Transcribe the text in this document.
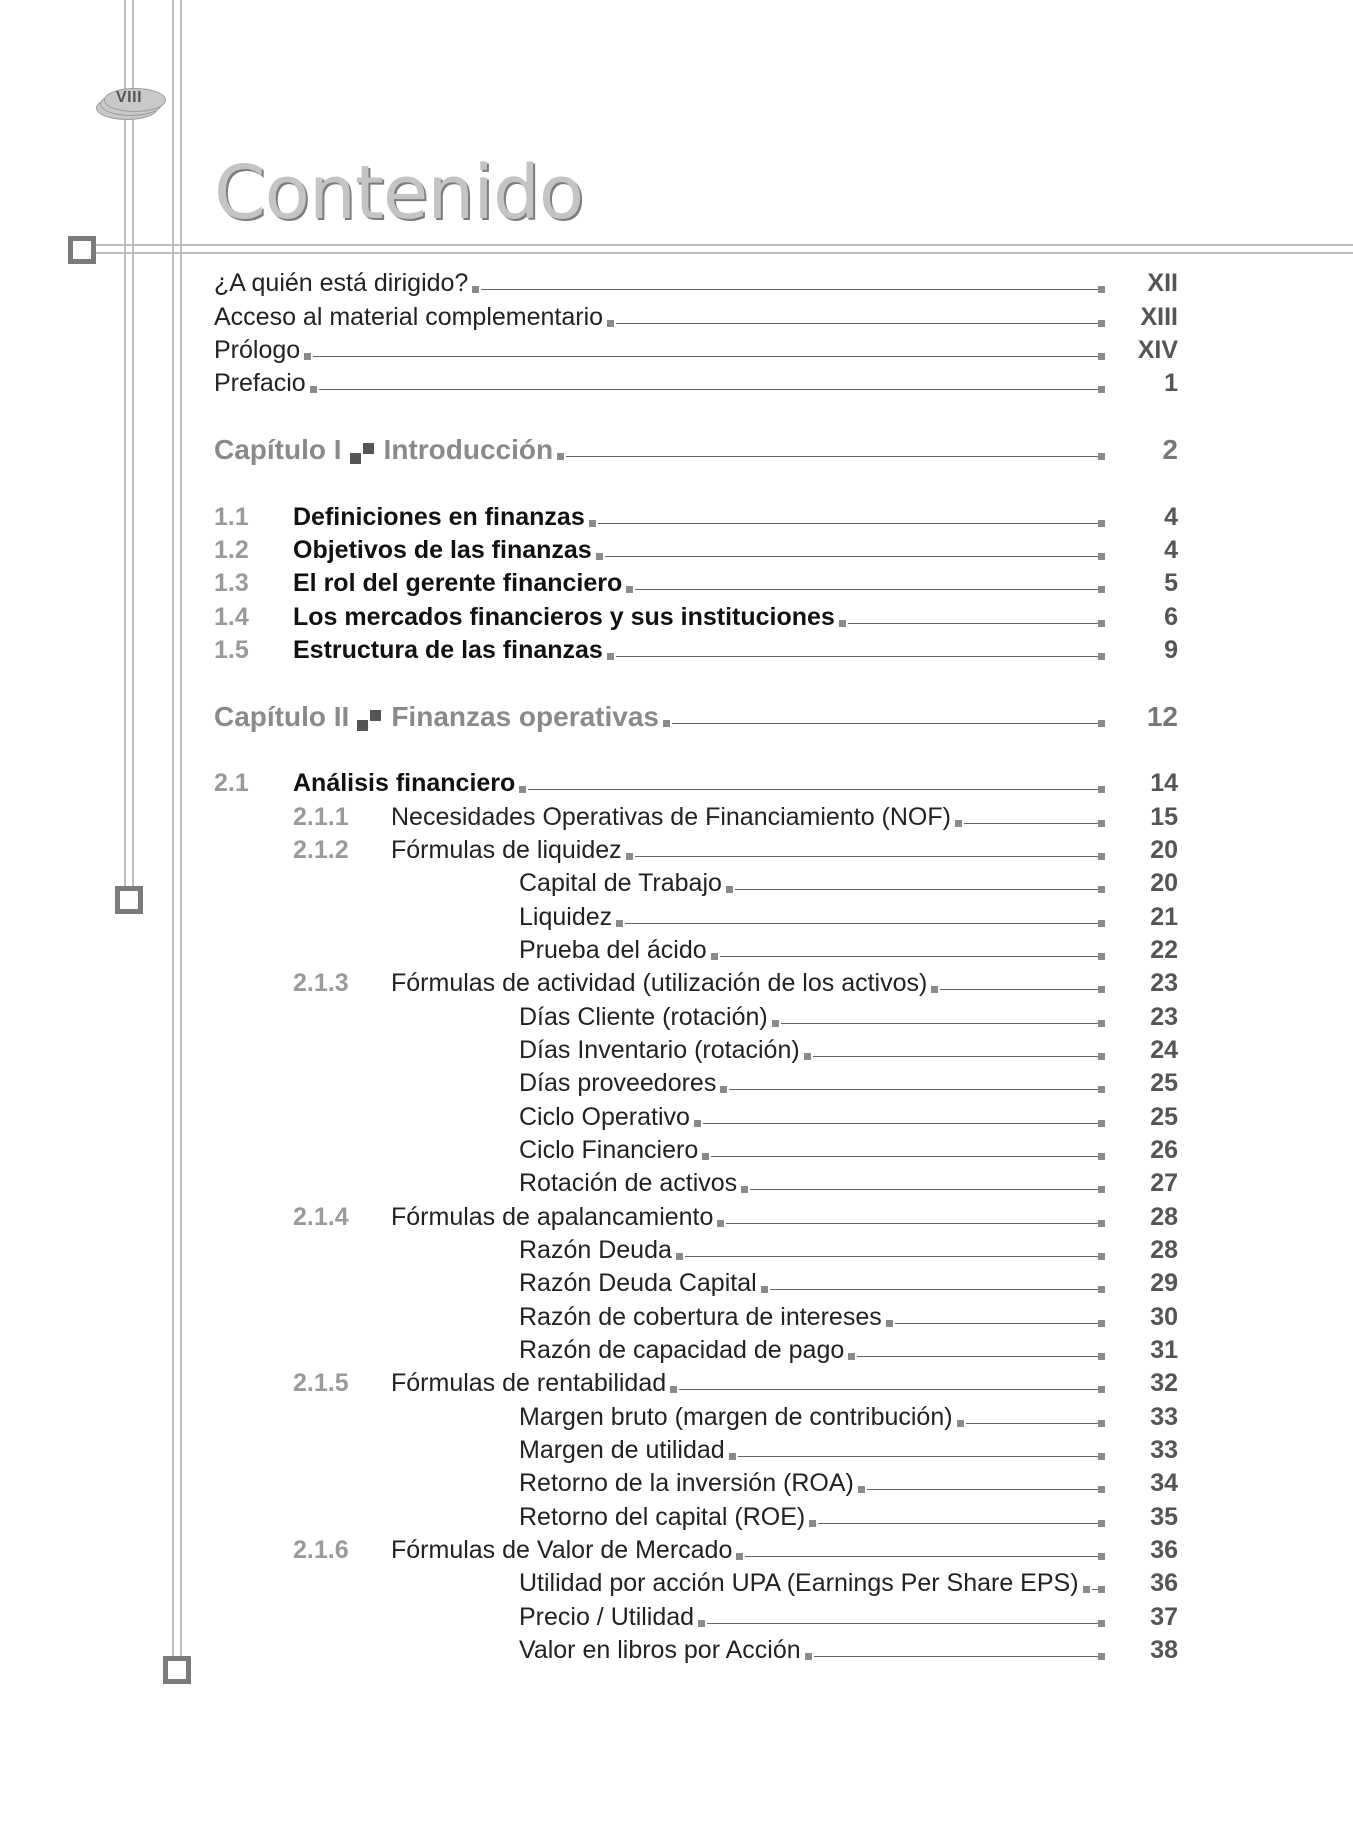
VIII
Contenido
¿A quién está dirigido?	XII
Acceso al material complementario	XIII
Prólogo	XIV
Prefacio	1
Capítulo I Introducción	2
1.1 Definiciones en finanzas	4
1.2 Objetivos de las finanzas	4
1.3 El rol del gerente financiero	5
1.4 Los mercados financieros y sus instituciones	6
1.5 Estructura de las finanzas	9
Capítulo II Finanzas operativas	12
2.1 Análisis financiero	14
2.1.1 Necesidades Operativas de Financiamiento (NOF)	15
2.1.2 Fórmulas de liquidez	20
Capital de Trabajo	20
Liquidez	21
Prueba del ácido	22
2.1.3 Fórmulas de actividad (utilización de los activos)	23
Días Cliente (rotación)	23
Días Inventario (rotación)	24
Días proveedores	25
Ciclo Operativo	25
Ciclo Financiero	26
Rotación de activos	27
2.1.4 Fórmulas de apalancamiento	28
Razón Deuda	28
Razón Deuda Capital	29
Razón de cobertura de intereses	30
Razón de capacidad de pago	31
2.1.5 Fórmulas de rentabilidad	32
Margen bruto (margen de contribución)	33
Margen de utilidad	33
Retorno de la inversión (ROA)	34
Retorno del capital (ROE)	35
2.1.6 Fórmulas de Valor de Mercado	36
Utilidad por acción UPA (Earnings Per Share EPS)	36
Precio / Utilidad	37
Valor en libros por Acción	38
